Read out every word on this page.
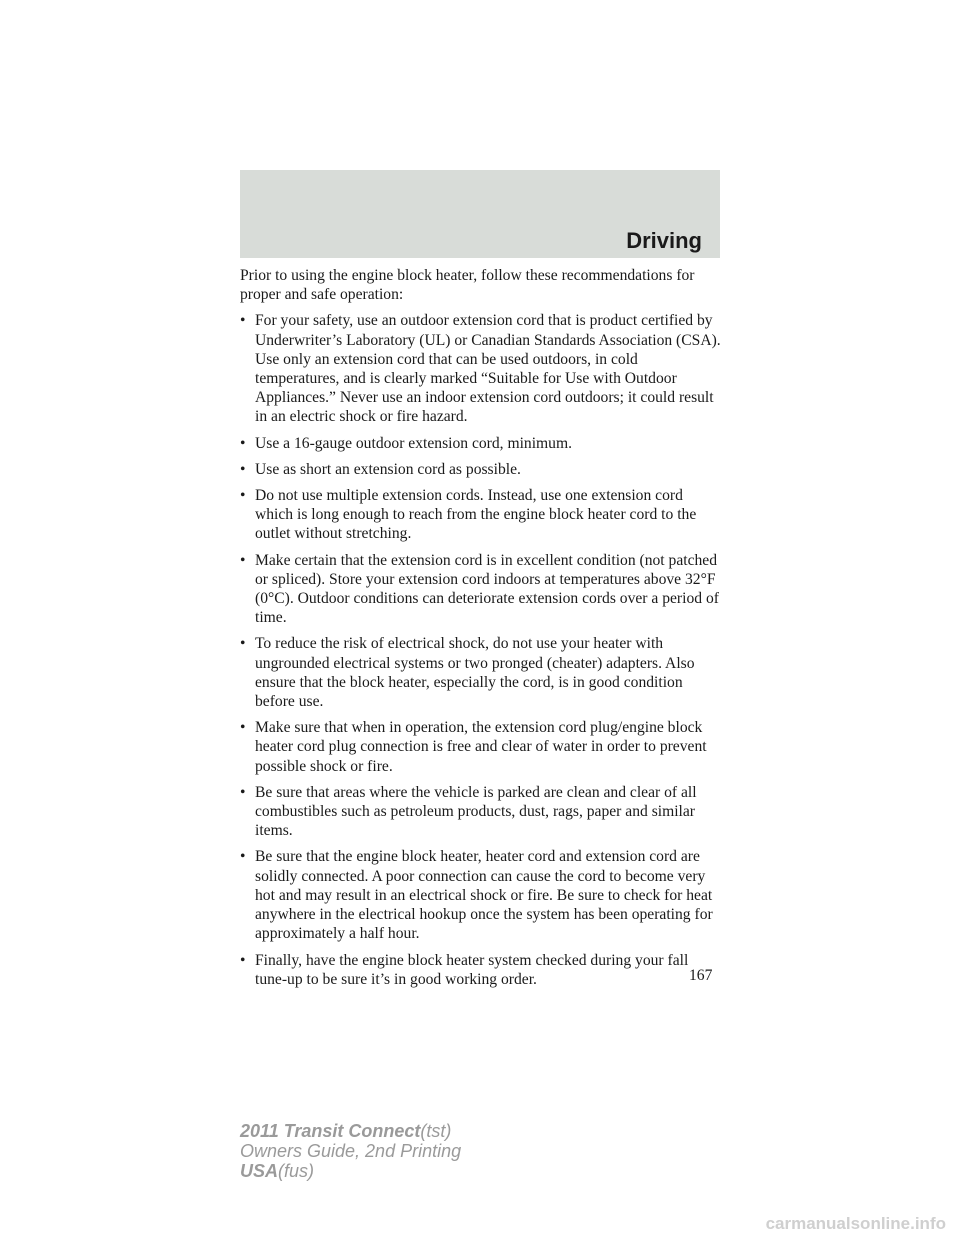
Driving

Prior to using the engine block heater, follow these recommendations for proper and safe operation:

• For your safety, use an outdoor extension cord that is product certified by Underwriter’s Laboratory (UL) or Canadian Standards Association (CSA). Use only an extension cord that can be used outdoors, in cold temperatures, and is clearly marked “Suitable for Use with Outdoor Appliances.” Never use an indoor extension cord outdoors; it could result in an electric shock or fire hazard.
• Use a 16-gauge outdoor extension cord, minimum.
• Use as short an extension cord as possible.
• Do not use multiple extension cords. Instead, use one extension cord which is long enough to reach from the engine block heater cord to the outlet without stretching.
• Make certain that the extension cord is in excellent condition (not patched or spliced). Store your extension cord indoors at temperatures above 32°F (0°C). Outdoor conditions can deteriorate extension cords over a period of time.
• To reduce the risk of electrical shock, do not use your heater with ungrounded electrical systems or two pronged (cheater) adapters. Also ensure that the block heater, especially the cord, is in good condition before use.
• Make sure that when in operation, the extension cord plug/engine block heater cord plug connection is free and clear of water in order to prevent possible shock or fire.
• Be sure that areas where the vehicle is parked are clean and clear of all combustibles such as petroleum products, dust, rags, paper and similar items.
• Be sure that the engine block heater, heater cord and extension cord are solidly connected. A poor connection can cause the cord to become very hot and may result in an electrical shock or fire. Be sure to check for heat anywhere in the electrical hookup once the system has been operating for approximately a half hour.
• Finally, have the engine block heater system checked during your fall tune-up to be sure it’s in good working order.	167
2011 Transit Connect(tst)
Owners Guide, 2nd Printing
USA(fus)
carmanualsonline.info
